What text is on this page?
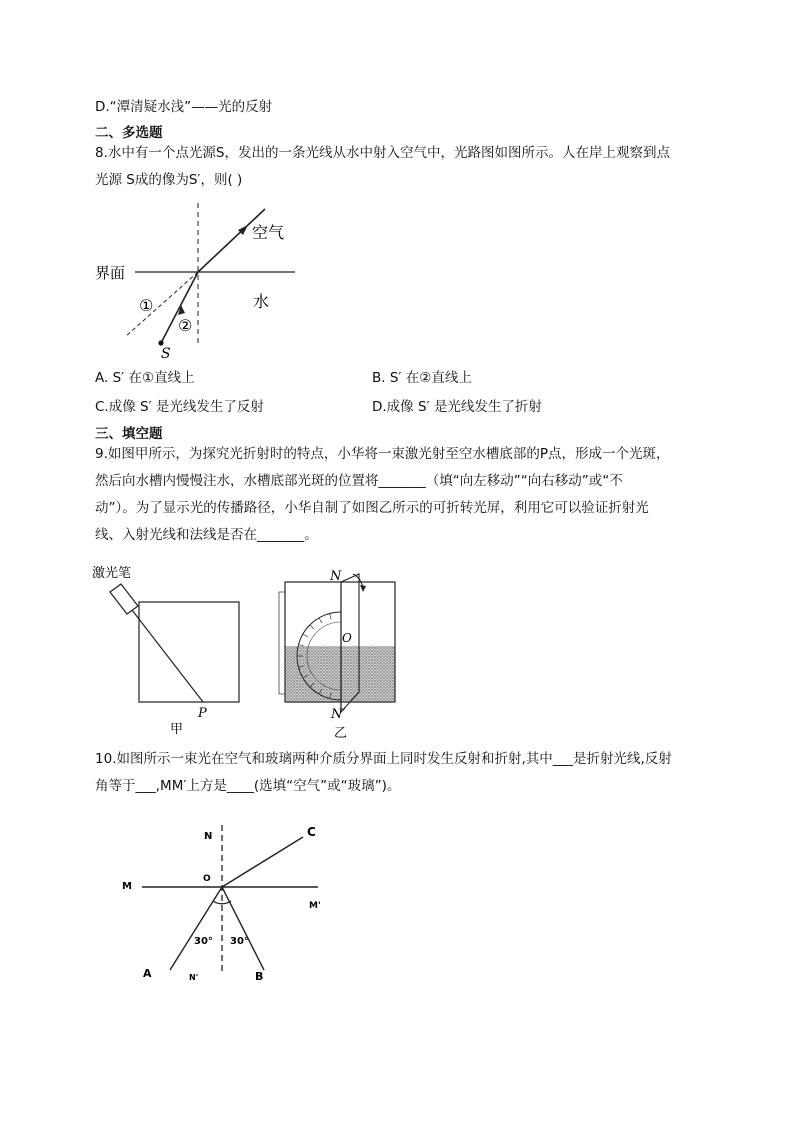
D.“潭清疑水浅”——光的反射
二、多选题
8.水中有一个点光源S，发出的一条光线从水中射入空气中，光路图如图所示。人在岸上观察到点
光源 S成的像为S′，则( )
空气
界面
水
①
②
S
A. S′ 在①直线上	B. S′ 在②直线上
C.成像 S′ 是光线发生了反射	D.成像 S′ 是光线发生了折射
三、填空题
9.如图甲所示，为探究光折射时的特点，小华将一束激光射至空水槽底部的P点，形成一个光斑，
然后向水槽内慢慢注水，水槽底部光斑的位置将_______（填“向左移动”“向右移动”或“不
动”）。为了显示光的传播路径，小华自制了如图乙所示的可折转光屏，利用它可以验证折射光
线、入射光线和法线是否在_______。
激光笔
P
甲
N
O
N′
乙
10.如图所示一束光在空气和玻璃两种介质分界面上同时发生反射和折射,其中___是折射光线,反射
角等于___,MM′上方是____(选填“空气”或“玻璃”)。
N	C
M
O
M'
30° 30°
A	N'	B
